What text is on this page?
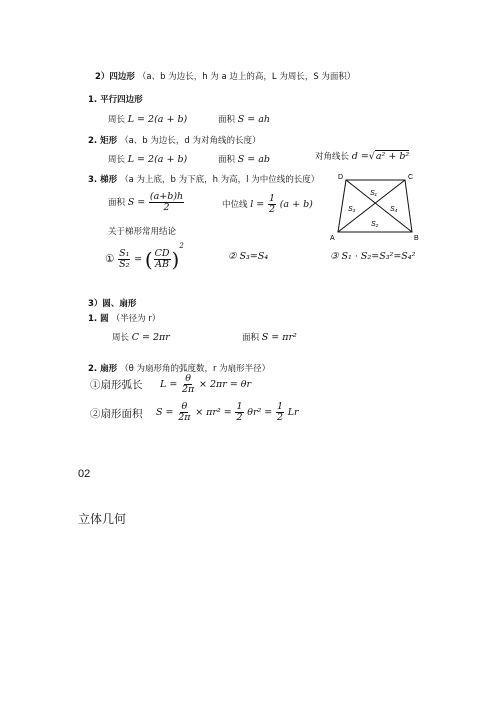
2）四边形 （a、b 为边长，h 为 a 边上的高，L 为周长，S 为面积）
1. 平行四边形
周长 L = 2(a + b)	面积 S = ah
2. 矩形 （a、b 为边长，d 为对角线的长度）
周长 L = 2(a + b)	面积 S = ab	对角线长 d =√a² + b²
3. 梯形 （a 为上底，b 为下底，h 为高，l 为中位线的长度）
面积 $S = \frac{(a+b)h}{2}$	中位线 $l = \frac{1}{2} (a + b)$
关于梯形常用结论
① $\frac{\text{S₁}}{\text{S₂}}$ = ( $\frac{CD}{AB} )^2$
② S₃=S₄	③ S₁ · S₂=S₃²=S₄²
D	C
A	B
S₁
S₂
S₃	S₄
3）圆、扇形
1. 圆 （半径为 r）
周长 C = 2πr	面积 S = πr²
2. 扇形 （θ 为扇形角的弧度数，r 为扇形半径）
①扇形弧长 $L = \frac{\theta}{2\pi} \times 2\pi r = \theta r$
②扇形面积 $S = \frac{\theta}{2\pi} \times \pi r^2 = \frac{1}{2} \theta r^2 = \frac{1}{2}$ Lr
02
立体几何
